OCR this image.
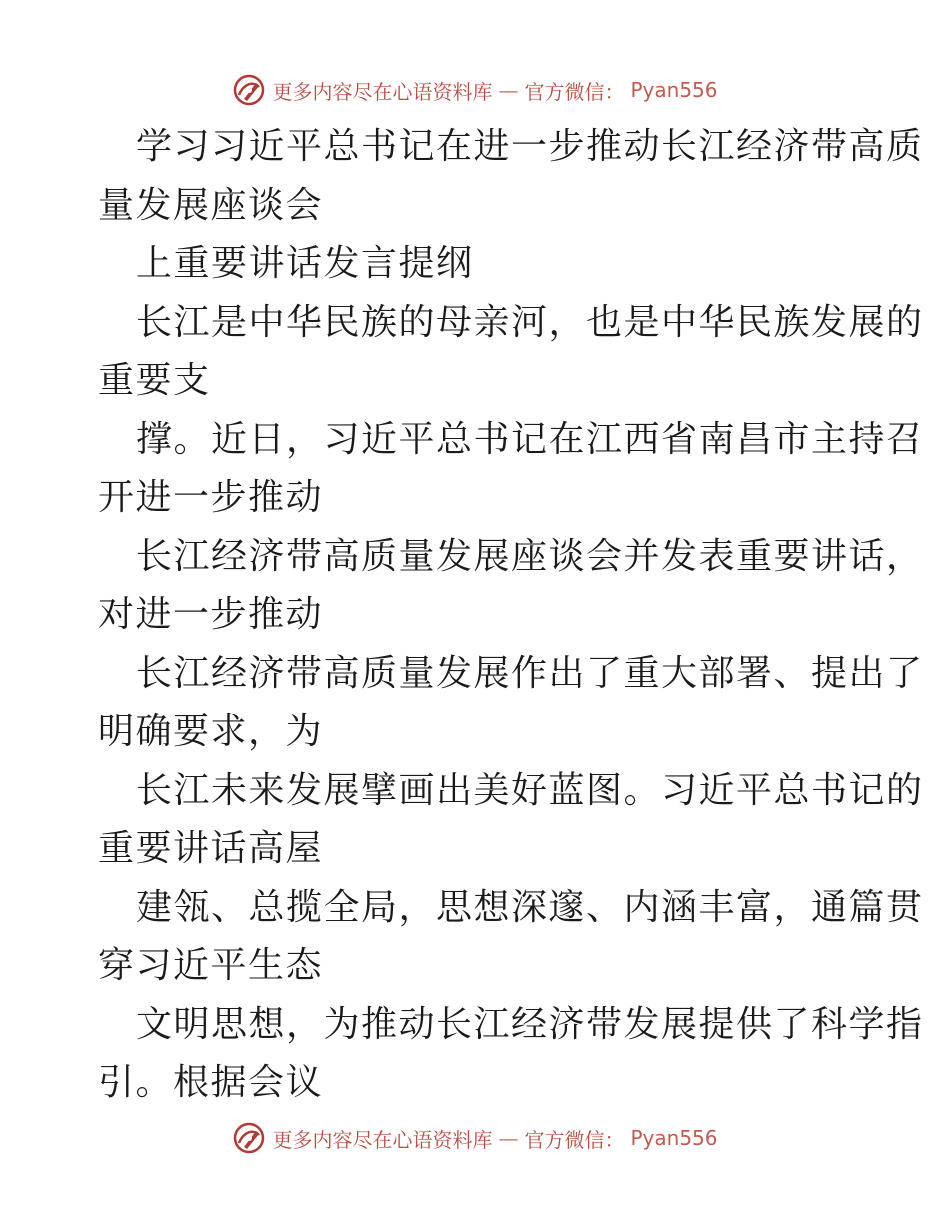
更多内容尽在心语资料库 — 官方微信： Pyan556
学习习近平总书记在进一步推动长江经济带高质
量发展座谈会
上重要讲话发言提纲
长江是中华民族的母亲河，也是中华民族发展的
重要支
撑。近日，习近平总书记在江西省南昌市主持召
开进一步推动
长江经济带高质量发展座谈会并发表重要讲话，
对进一步推动
长江经济带高质量发展作出了重大部署、提出了
明确要求，为
长江未来发展擘画出美好蓝图。习近平总书记的
重要讲话高屋
建瓴、总揽全局，思想深邃、内涵丰富，通篇贯
穿习近平生态
文明思想，为推动长江经济带发展提供了科学指
引。根据会议
更多内容尽在心语资料库 — 官方微信： Pyan556
